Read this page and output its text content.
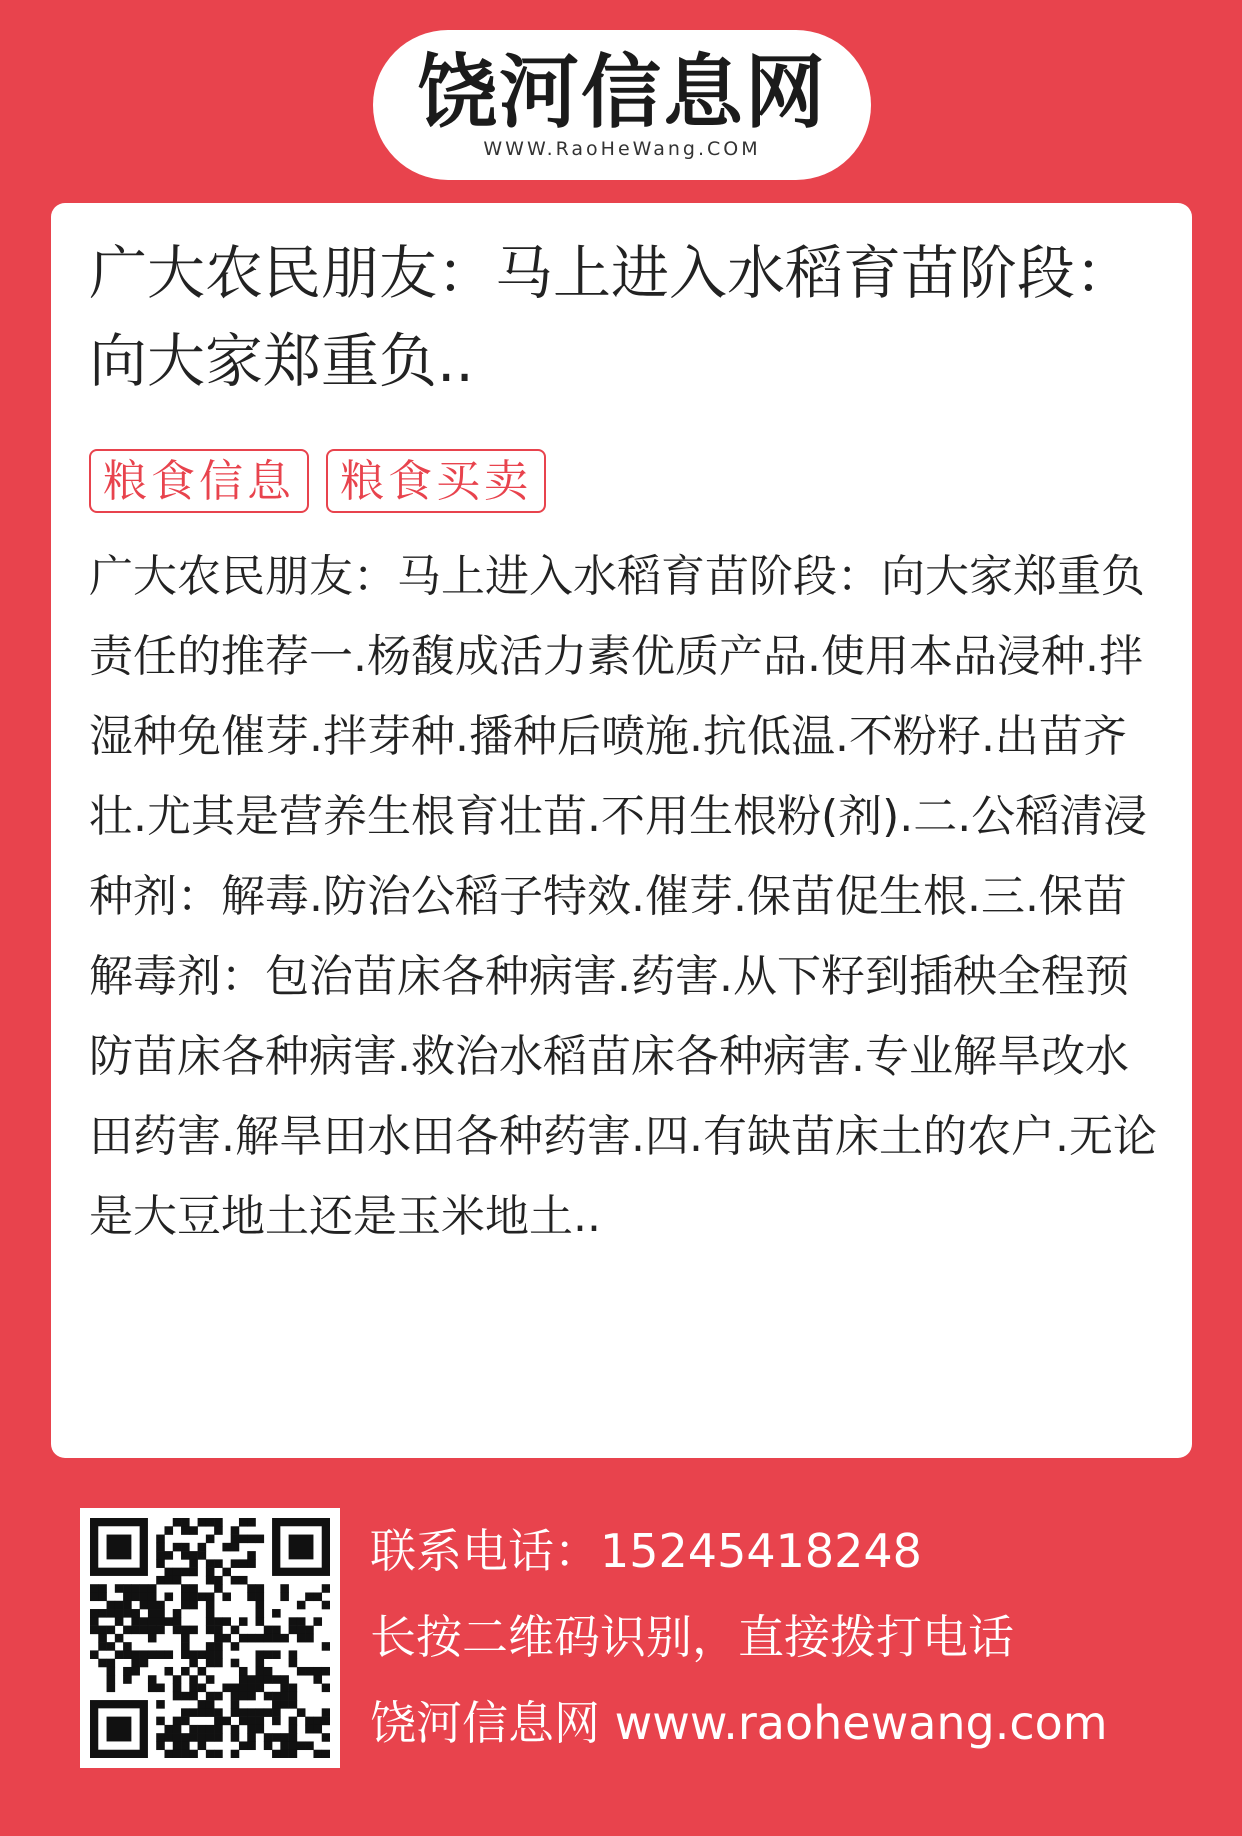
饶河信息网
WWW.RaoHeWang.COM
广大农民朋友：马上进入水稻育苗阶段：向大家郑重负..
粮食信息 粮食买卖
广大农民朋友：马上进入水稻育苗阶段：向大家郑重负责任的推荐一.杨馥成活力素优质产品.使用本品浸种.拌湿种免催芽.拌芽种.播种后喷施.抗低温.不粉籽.出苗齐壮.尤其是营养生根育壮苗.不用生根粉(剂).二.公稻清浸种剂：解毒.防治公稻子特效.催芽.保苗促生根.三.保苗解毒剂：包治苗床各种病害.药害.从下籽到插秧全程预防苗床各种病害.救治水稻苗床各种病害.专业解旱改水田药害.解旱田水田各种药害.四.有缺苗床土的农户.无论是大豆地土还是玉米地土..
联系电话：15245418248
长按二维码识别，直接拨打电话
饶河信息网 www.raohewang.com
